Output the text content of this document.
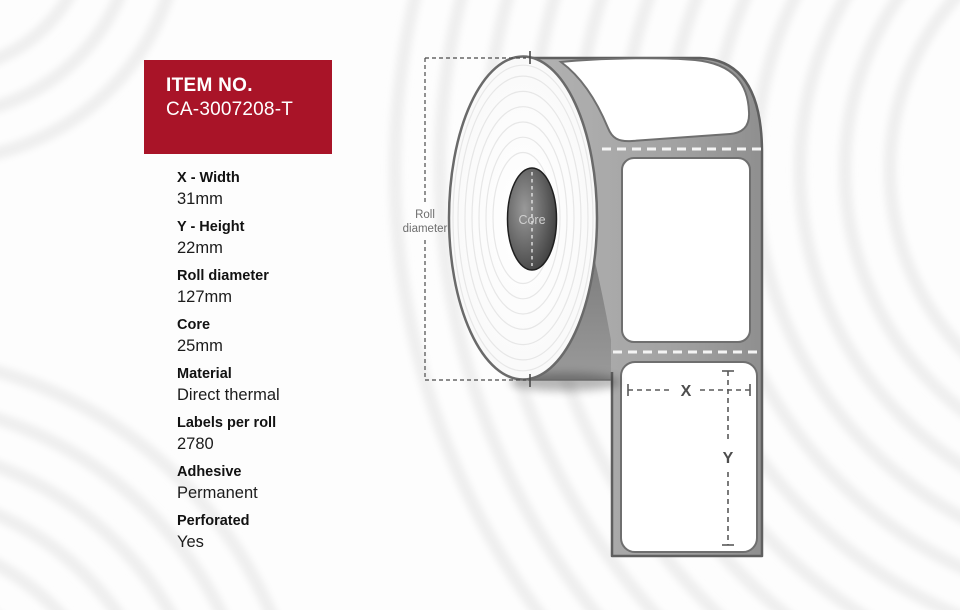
X
Y
Core
Roll
diameter
ITEM NO.
CA-3007208-T
X - Width
31mm
Y - Height
22mm
Roll diameter
127mm
Core
25mm
Material
Direct thermal
Labels per roll
2780
Adhesive
Permanent
Perforated
Yes
